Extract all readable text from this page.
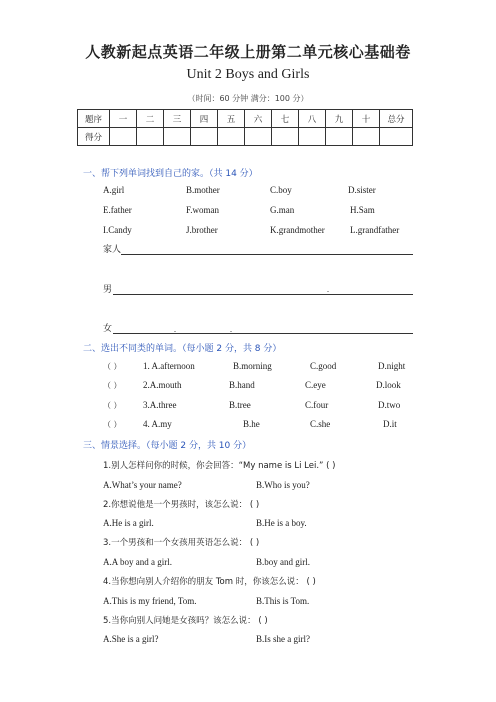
人教新起点英语二年级上册第二单元核心基础卷
Unit 2 Boys and Girls
（时间：60 分钟 满分：100 分）
题序	一	二	三	四	五	六	七	八	九	十	总分
得分											
一、帮下列单词找到自己的家。（共 14 分）
A.girl	B.mother	C.boy	D.sister
E.father	F.woman	G.man	H.Sam
I.Candy	J.brother	K.grandmother	L.grandfather
家人
男	.
女	.	.
二、选出不同类的单词。（每小题 2 分，共 8 分）
（ ） 1. A.afternoon	B.morning	C.good	D.night
（ ） 2.A.mouth	B.hand	C.eye	D.look
（ ） 3.A.three	B.tree	C.four	D.two
（ ） 4. A.my	B.he	C.she	D.it
三、情景选择。（每小题 2 分，共 10 分）
1.别人怎样问你的时候，你会回答：“My name is Li Lei.” ( )
A.What’s your name?	B.Who is you?
2.你想说他是一个男孩时，该怎么说： ( )
A.He is a girl.	B.He is a boy.
3.一个男孩和一个女孩用英语怎么说： ( )
A.A boy and a girl.	B.boy and girl.
4.当你想向别人介绍你的朋友 Tom 时，你该怎么说： ( )
A.This is my friend, Tom.	B.This is Tom.
5.当你向别人问她是女孩吗？该怎么说： ( )
A.She is a girl?	B.Is she a girl?
